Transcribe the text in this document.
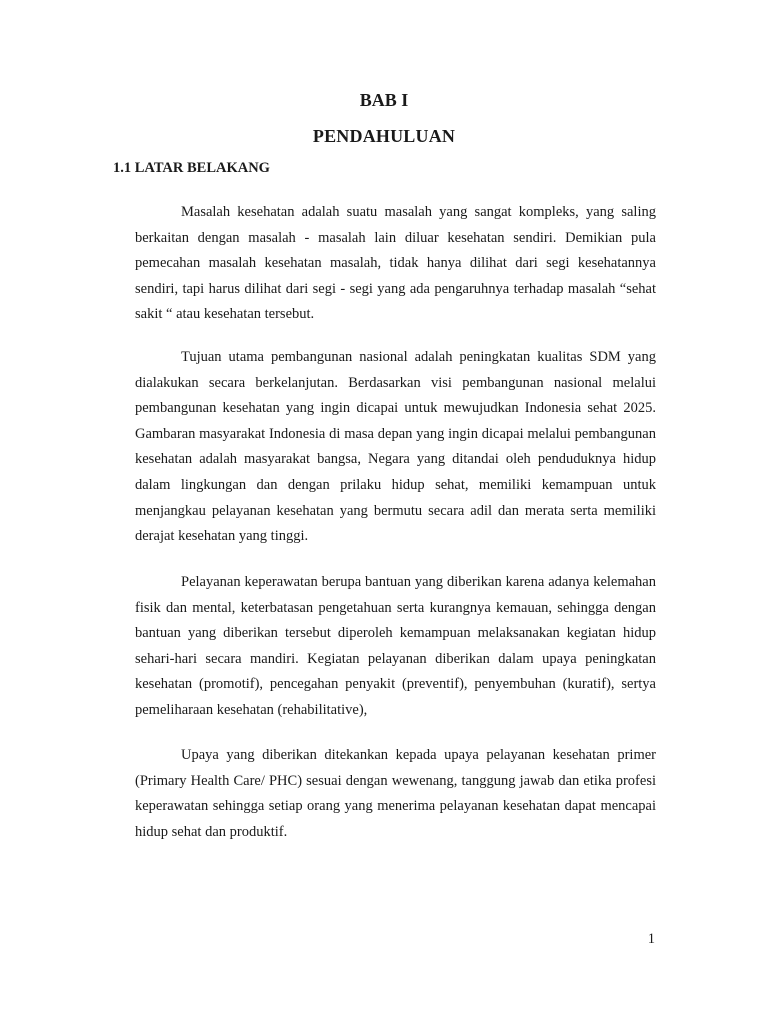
BAB I
PENDAHULUAN
1.1 LATAR BELAKANG

Masalah kesehatan adalah suatu masalah yang sangat kompleks, yang saling berkaitan dengan masalah - masalah lain diluar kesehatan sendiri. Demikian pula pemecahan masalah kesehatan masalah, tidak hanya dilihat dari segi kesehatannya sendiri, tapi harus dilihat dari segi - segi yang ada pengaruhnya terhadap masalah “sehat sakit “ atau kesehatan tersebut.

Tujuan utama pembangunan nasional adalah peningkatan kualitas SDM yang dialakukan secara berkelanjutan. Berdasarkan visi pembangunan nasional melalui pembangunan kesehatan yang ingin dicapai untuk mewujudkan Indonesia sehat 2025. Gambaran masyarakat Indonesia di masa depan yang ingin dicapai melalui pembangunan kesehatan adalah masyarakat bangsa, Negara yang ditandai oleh penduduknya hidup dalam lingkungan dan dengan prilaku hidup sehat, memiliki kemampuan untuk menjangkau pelayanan kesehatan yang bermutu secara adil dan merata serta memiliki derajat kesehatan yang tinggi.

Pelayanan keperawatan berupa bantuan yang diberikan karena adanya kelemahan fisik dan mental, keterbatasan pengetahuan serta kurangnya kemauan, sehingga dengan bantuan yang diberikan tersebut diperoleh kemampuan melaksanakan kegiatan hidup sehari-hari secara mandiri. Kegiatan pelayanan diberikan dalam upaya peningkatan kesehatan (promotif), pencegahan penyakit (preventif), penyembuhan (kuratif), sertya pemeliharaan kesehatan (rehabilitative),

Upaya yang diberikan ditekankan kepada upaya pelayanan kesehatan primer (Primary Health Care/ PHC) sesuai dengan wewenang, tanggung jawab dan etika profesi keperawatan sehingga setiap orang yang menerima pelayanan kesehatan dapat mencapai hidup sehat dan produktif.

1
